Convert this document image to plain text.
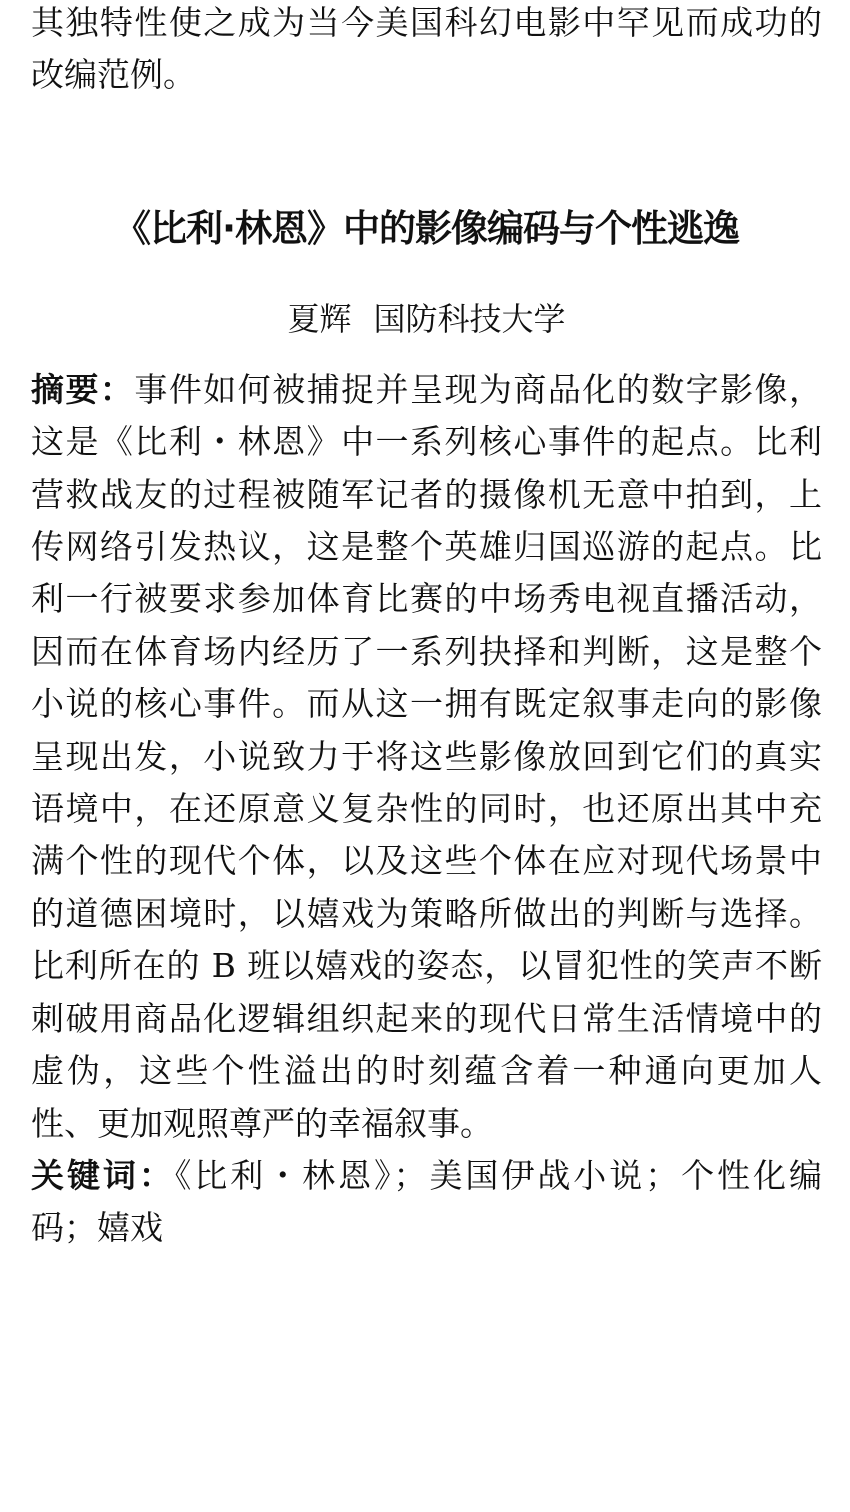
其独特性使之成为当今美国科幻电影中罕见而成功的改编范例。

《比利·林恩》中的影像编码与个性逃逸

夏辉 国防科技大学

摘要：事件如何被捕捉并呈现为商品化的数字影像，这是《比利・林恩》中一系列核心事件的起点。比利营救战友的过程被随军记者的摄像机无意中拍到，上传网络引发热议，这是整个英雄归国巡游的起点。比利一行被要求参加体育比赛的中场秀电视直播活动，因而在体育场内经历了一系列抉择和判断，这是整个小说的核心事件。而从这一拥有既定叙事走向的影像呈现出发，小说致力于将这些影像放回到它们的真实语境中，在还原意义复杂性的同时，也还原出其中充满个性的现代个体，以及这些个体在应对现代场景中的道德困境时，以嬉戏为策略所做出的判断与选择。比利所在的 B 班以嬉戏的姿态，以冒犯性的笑声不断刺破用商品化逻辑组织起来的现代日常生活情境中的虚伪，这些个性溢出的时刻蕴含着一种通向更加人性、更加观照尊严的幸福叙事。

关键词：《比利・林恩》；美国伊战小说；个性化编码；嬉戏
